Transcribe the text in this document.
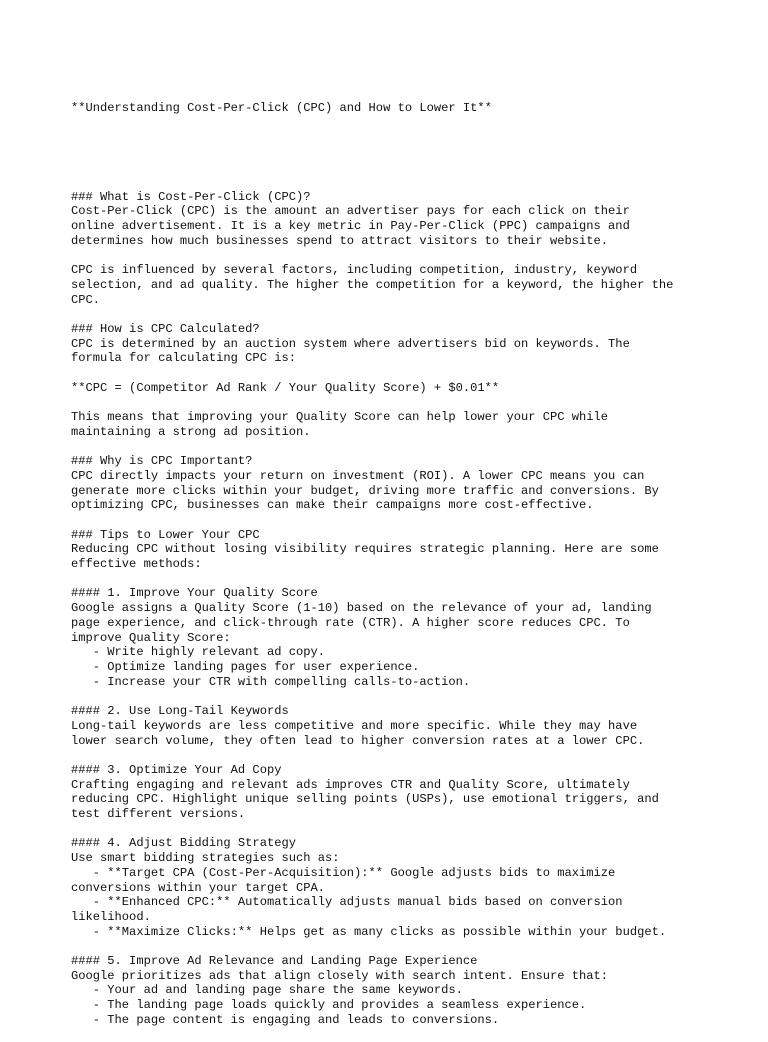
**Understanding Cost-Per-Click (CPC) and How to Lower It**

### What is Cost-Per-Click (CPC)?
Cost-Per-Click (CPC) is the amount an advertiser pays for each click on their
online advertisement. It is a key metric in Pay-Per-Click (PPC) campaigns and
determines how much businesses spend to attract visitors to their website.
CPC is influenced by several factors, including competition, industry, keyword
selection, and ad quality. The higher the competition for a keyword, the higher the
CPC.
### How is CPC Calculated?
CPC is determined by an auction system where advertisers bid on keywords. The
formula for calculating CPC is:
**CPC = (Competitor Ad Rank / Your Quality Score) + $0.01**
This means that improving your Quality Score can help lower your CPC while
maintaining a strong ad position.
### Why is CPC Important?
CPC directly impacts your return on investment (ROI). A lower CPC means you can
generate more clicks within your budget, driving more traffic and conversions. By
optimizing CPC, businesses can make their campaigns more cost-effective.
### Tips to Lower Your CPC
Reducing CPC without losing visibility requires strategic planning. Here are some
effective methods:
#### 1. Improve Your Quality Score
Google assigns a Quality Score (1-10) based on the relevance of your ad, landing
page experience, and click-through rate (CTR). A higher score reduces CPC. To
improve Quality Score:
- Write highly relevant ad copy.
- Optimize landing pages for user experience.
- Increase your CTR with compelling calls-to-action.
#### 2. Use Long-Tail Keywords
Long-tail keywords are less competitive and more specific. While they may have
lower search volume, they often lead to higher conversion rates at a lower CPC.
#### 3. Optimize Your Ad Copy
Crafting engaging and relevant ads improves CTR and Quality Score, ultimately
reducing CPC. Highlight unique selling points (USPs), use emotional triggers, and
test different versions.
#### 4. Adjust Bidding Strategy
Use smart bidding strategies such as:
- **Target CPA (Cost-Per-Acquisition):** Google adjusts bids to maximize
conversions within your target CPA.
- **Enhanced CPC:** Automatically adjusts manual bids based on conversion
likelihood.
- **Maximize Clicks:** Helps get as many clicks as possible within your budget.
#### 5. Improve Ad Relevance and Landing Page Experience
Google prioritizes ads that align closely with search intent. Ensure that:
- Your ad and landing page share the same keywords.
- The landing page loads quickly and provides a seamless experience.
- The page content is engaging and leads to conversions.
